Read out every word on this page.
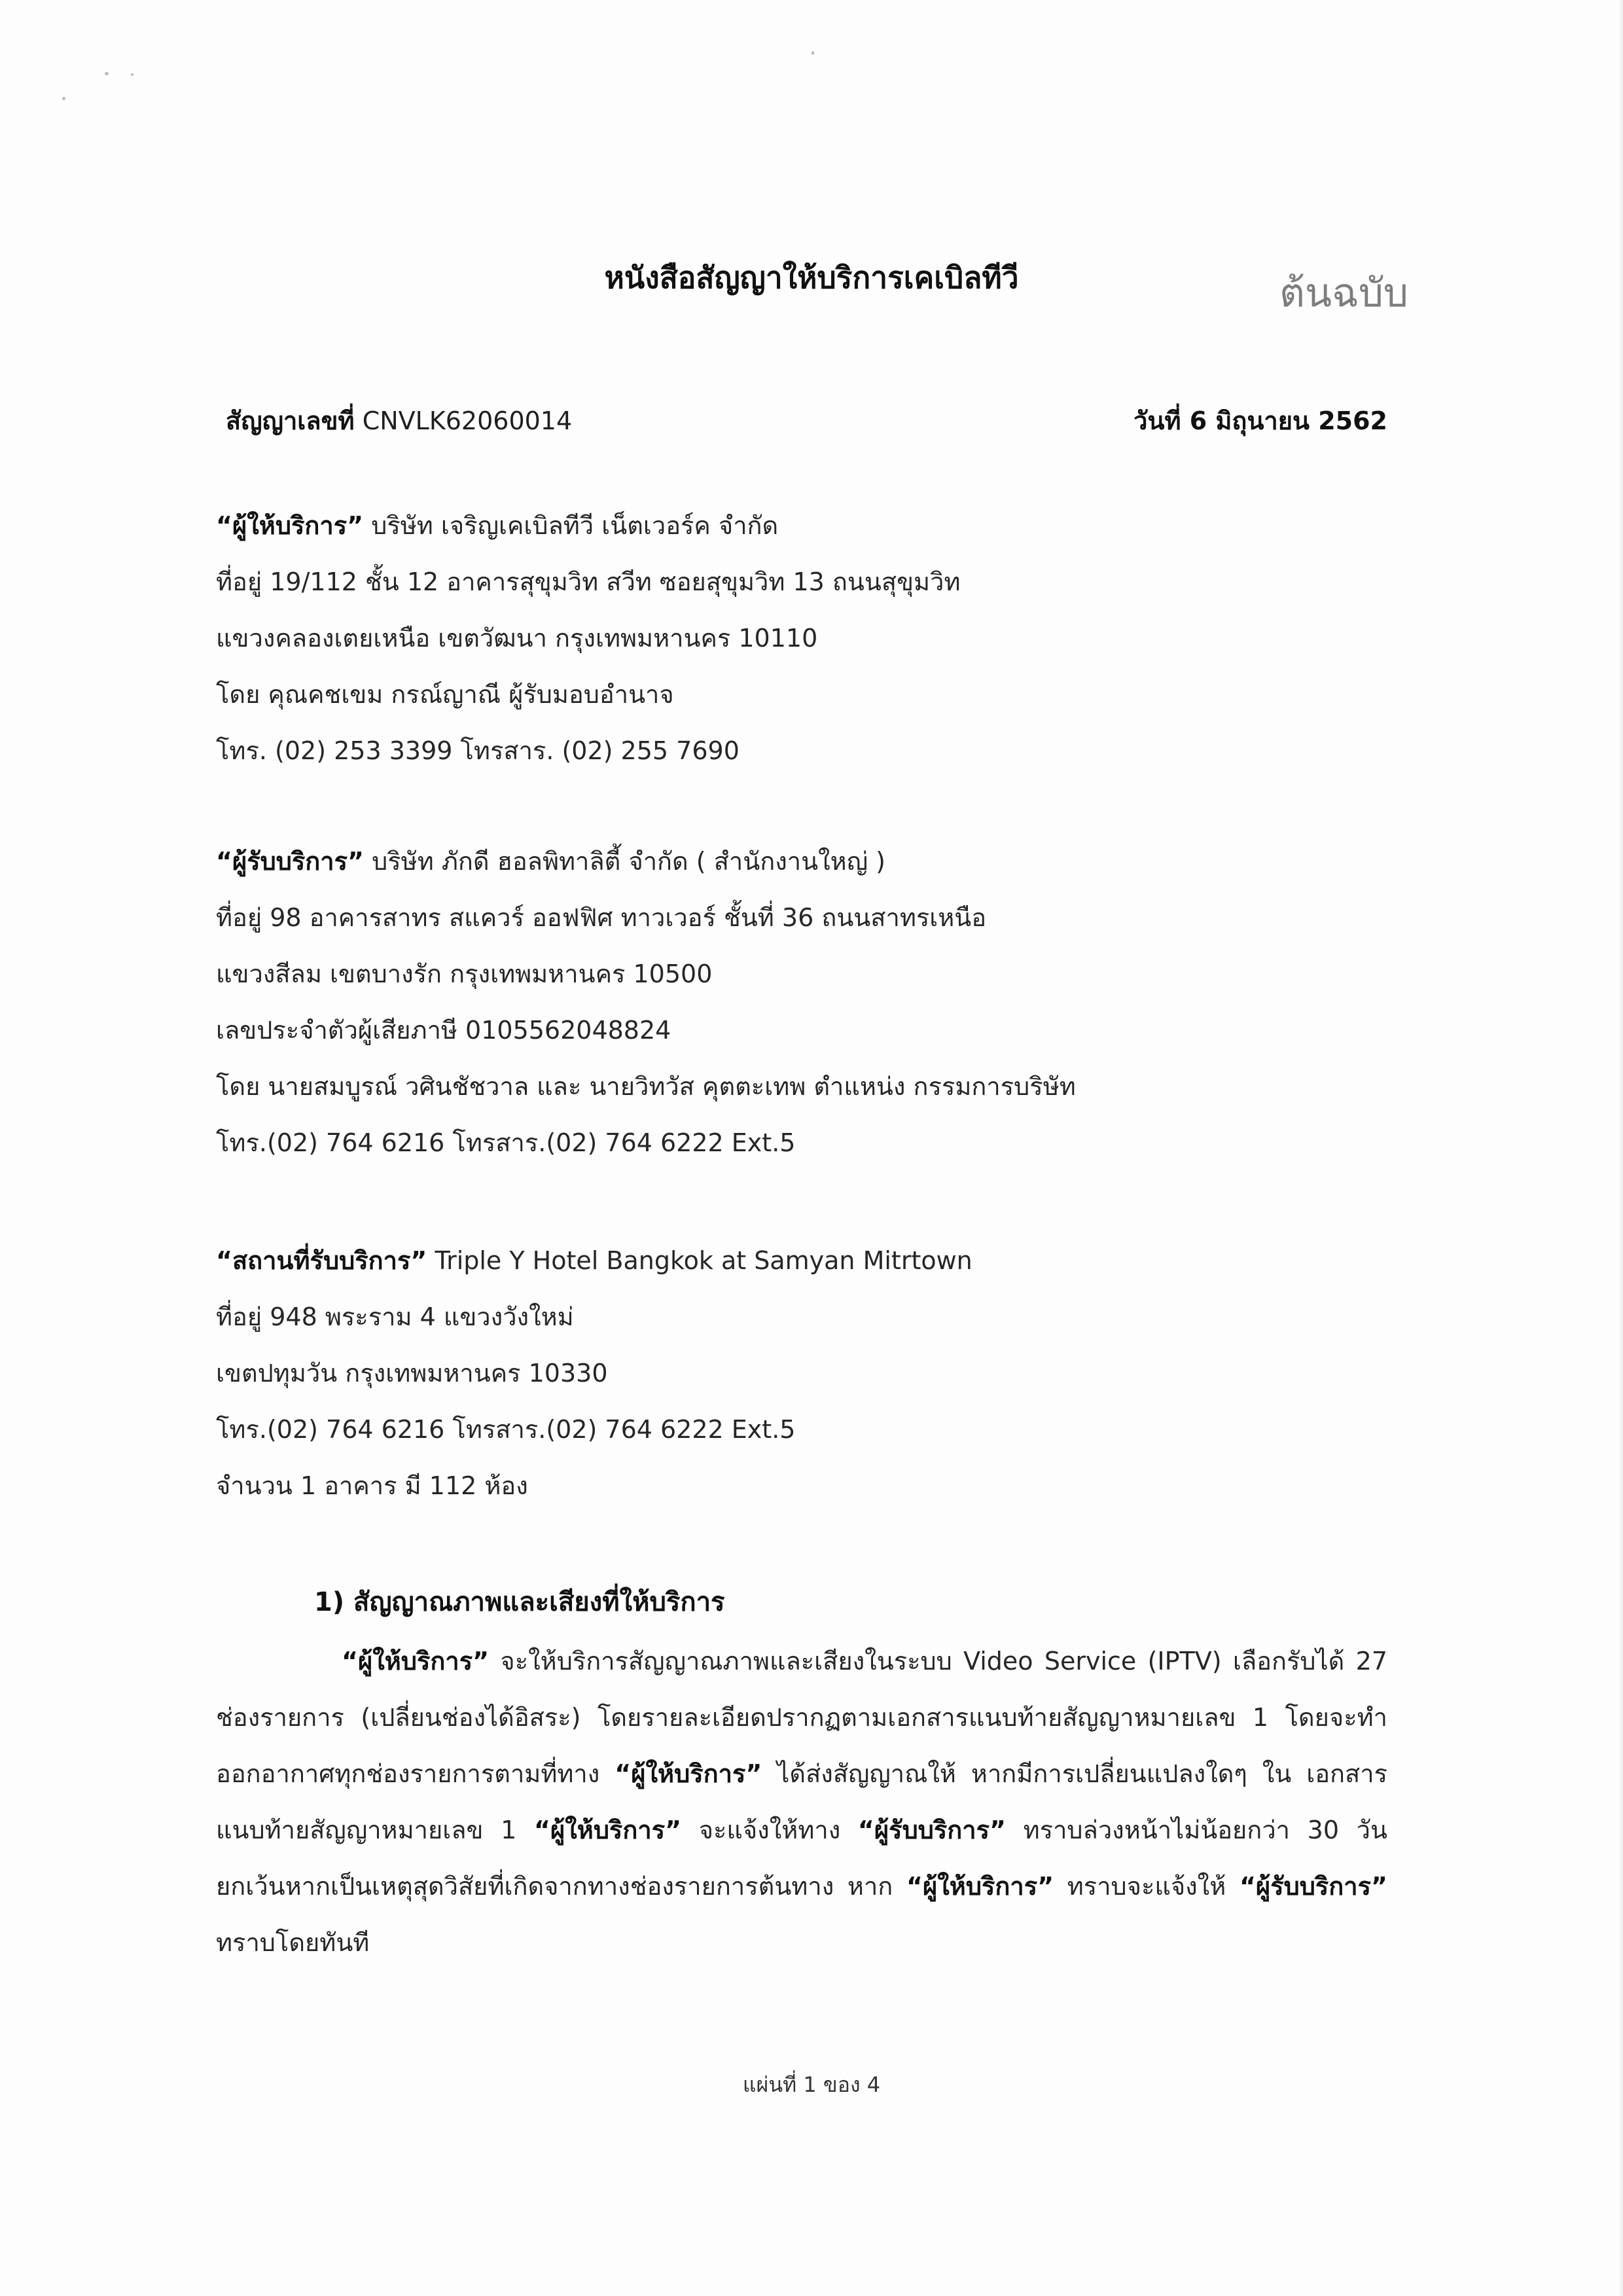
หนังสือสัญญาให้บริการเคเบิลทีวี	ต้นฉบับ
สัญญาเลขที่ CNVLK62060014	วันที่ 6 มิถุนายน 2562
“ผู้ให้บริการ” บริษัท เจริญเคเบิลทีวี เน็ตเวอร์ค จำกัด
ที่อยู่ 19/112 ชั้น 12 อาคารสุขุมวิท สวีท ซอยสุขุมวิท 13 ถนนสุขุมวิท
แขวงคลองเตยเหนือ เขตวัฒนา กรุงเทพมหานคร 10110
โดย คุณคชเขม กรณ์ญาณี ผู้รับมอบอำนาจ
โทร. (02) 253 3399 โทรสาร. (02) 255 7690
“ผู้รับบริการ” บริษัท ภักดี ฮอลพิทาลิตี้ จำกัด ( สำนักงานใหญ่ )
ที่อยู่ 98 อาคารสาทร สแควร์ ออฟฟิศ ทาวเวอร์ ชั้นที่ 36 ถนนสาทรเหนือ
แขวงสีลม เขตบางรัก กรุงเทพมหานคร 10500
เลขประจำตัวผู้เสียภาษี 0105562048824
โดย นายสมบูรณ์ วศินชัชวาล และ นายวิทวัส คุตตะเทพ ตำแหน่ง กรรมการบริษัท
โทร.(02) 764 6216 โทรสาร.(02) 764 6222 Ext.5
“สถานที่รับบริการ” Triple Y Hotel Bangkok at Samyan Mitrtown
ที่อยู่ 948 พระราม 4 แขวงวังใหม่
เขตปทุมวัน กรุงเทพมหานคร 10330
โทร.(02) 764 6216 โทรสาร.(02) 764 6222 Ext.5
จำนวน 1 อาคาร มี 112 ห้อง
1) สัญญาณภาพและเสียงที่ให้บริการ
“ผู้ให้บริการ” จะให้บริการสัญญาณภาพและเสียงในระบบ Video Service (IPTV) เลือกรับได้ 27 ช่องรายการ (เปลี่ยนช่องได้อิสระ) โดยรายละเอียดปรากฏตามเอกสารแนบท้ายสัญญาหมายเลข 1 โดยจะทำออกอากาศทุกช่องรายการตามที่ทาง “ผู้ให้บริการ” ได้ส่งสัญญาณให้ หากมีการเปลี่ยนแปลงใดๆ ใน เอกสารแนบท้ายสัญญาหมายเลข 1 “ผู้ให้บริการ” จะแจ้งให้ทาง “ผู้รับบริการ” ทราบล่วงหน้าไม่น้อยกว่า 30 วัน ยกเว้นหากเป็นเหตุสุดวิสัยที่เกิดจากทางช่องรายการต้นทาง หาก “ผู้ให้บริการ” ทราบจะแจ้งให้ “ผู้รับบริการ” ทราบโดยทันที
แผ่นที่ 1 ของ 4
